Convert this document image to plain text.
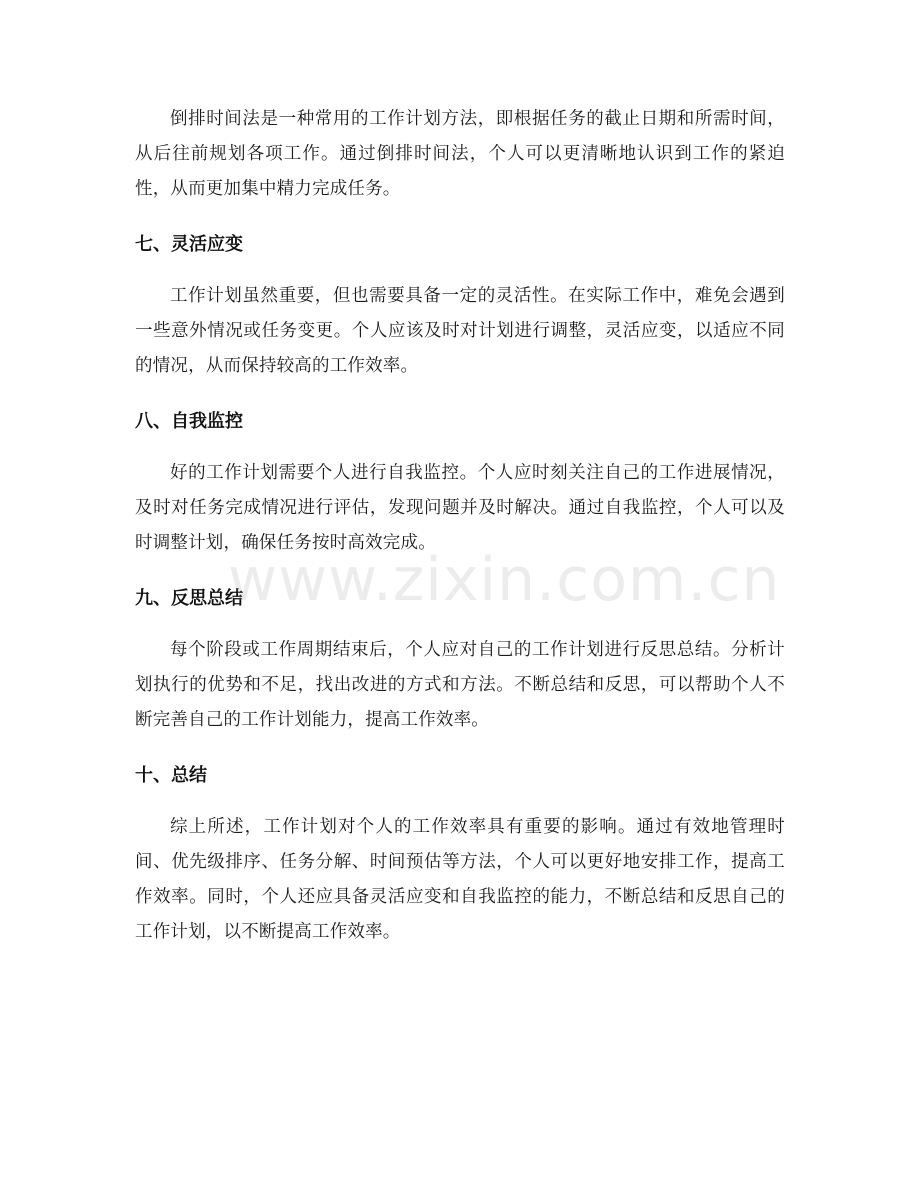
倒排时间法是一种常用的工作计划方法，即根据任务的截止日期和所需时间，从后往前规划各项工作。通过倒排时间法，个人可以更清晰地认识到工作的紧迫性，从而更加集中精力完成任务。

七、灵活应变

工作计划虽然重要，但也需要具备一定的灵活性。在实际工作中，难免会遇到一些意外情况或任务变更。个人应该及时对计划进行调整，灵活应变，以适应不同的情况，从而保持较高的工作效率。

八、自我监控

好的工作计划需要个人进行自我监控。个人应时刻关注自己的工作进展情况，及时对任务完成情况进行评估，发现问题并及时解决。通过自我监控，个人可以及时调整计划，确保任务按时高效完成。

九、反思总结

每个阶段或工作周期结束后，个人应对自己的工作计划进行反思总结。分析计划执行的优势和不足，找出改进的方式和方法。不断总结和反思，可以帮助个人不断完善自己的工作计划能力，提高工作效率。

十、总结

综上所述，工作计划对个人的工作效率具有重要的影响。通过有效地管理时间、优先级排序、任务分解、时间预估等方法，个人可以更好地安排工作，提高工作效率。同时，个人还应具备灵活应变和自我监控的能力，不断总结和反思自己的工作计划，以不断提高工作效率。

www.zixin.com.cn
